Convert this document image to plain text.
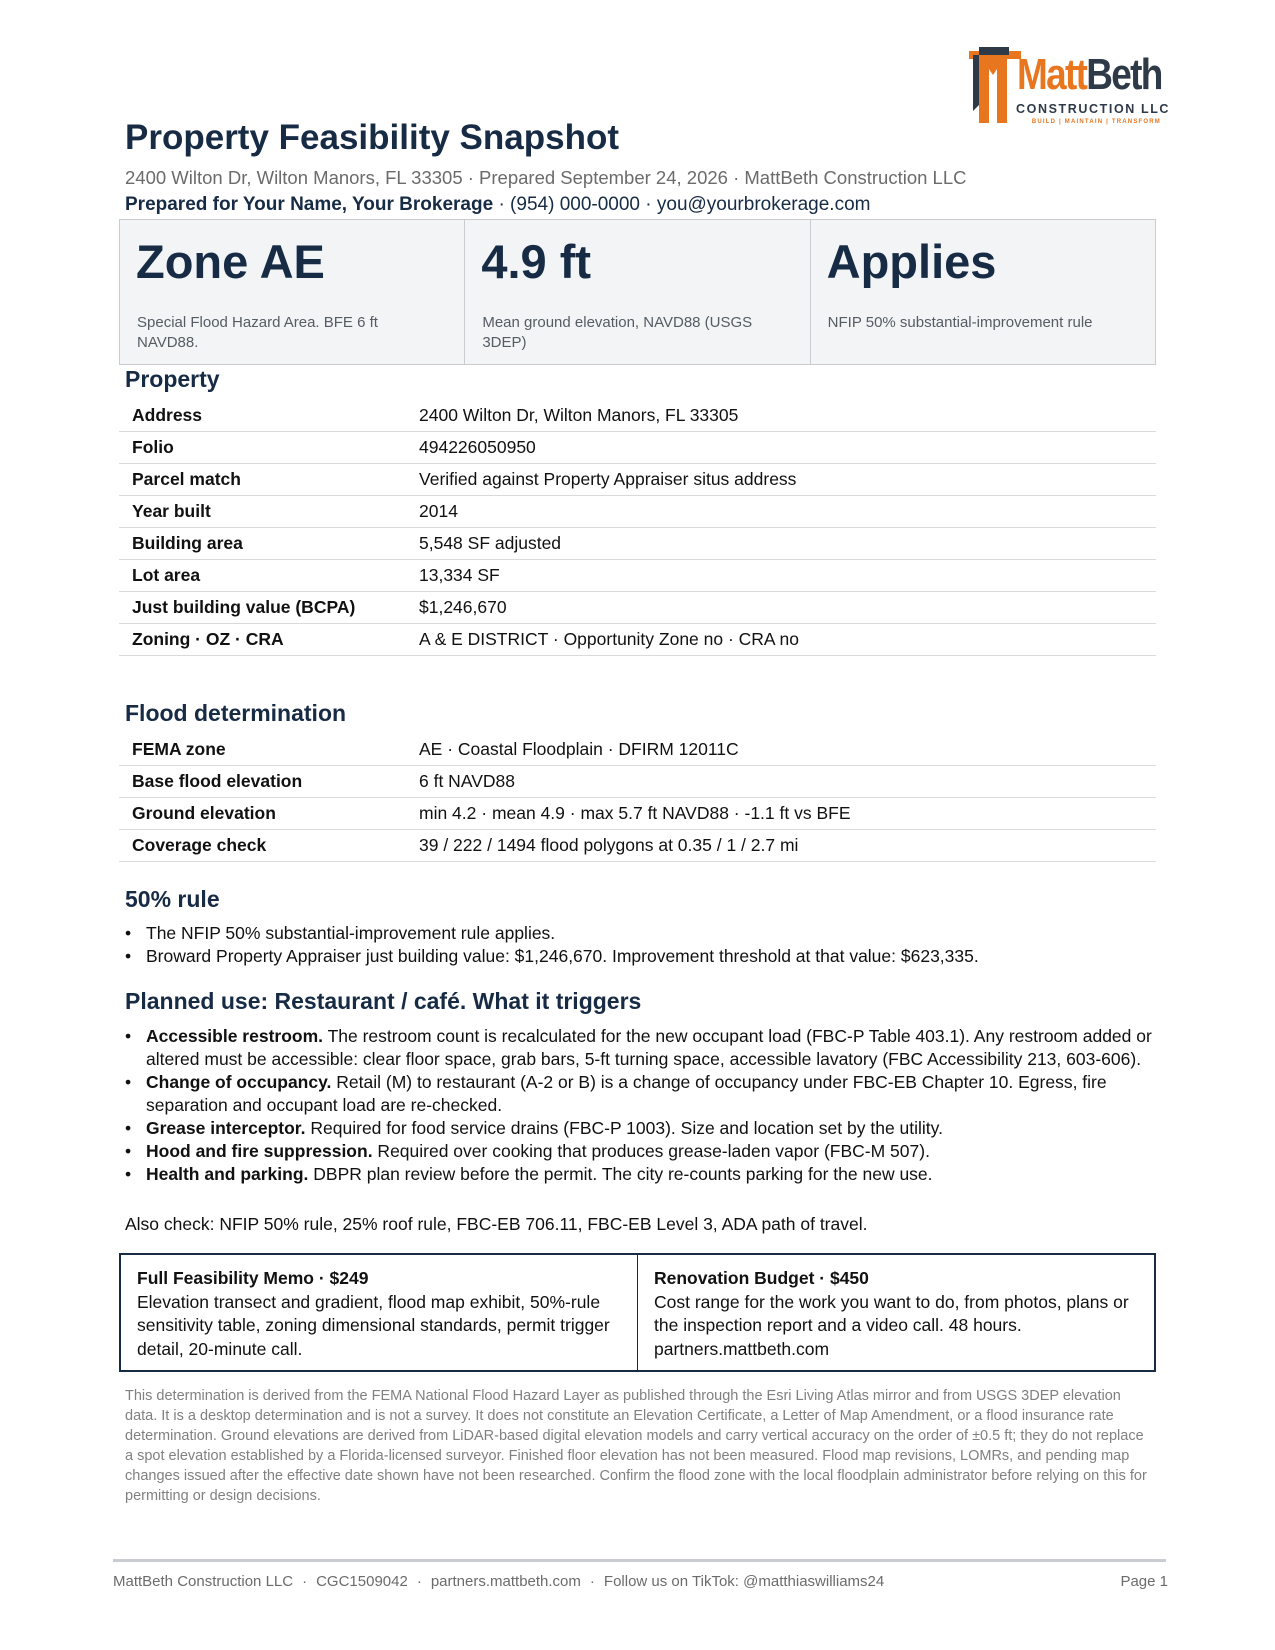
MattBeth
CONSTRUCTION LLC
BUILD | MAINTAIN | TRANSFORM
Property Feasibility Snapshot
2400 Wilton Dr, Wilton Manors, FL 33305 · Prepared September 24, 2026 · MattBeth Construction LLC
Prepared for Your Name, Your Brokerage · (954) 000-0000 · you@yourbrokerage.com
Zone AE
Special Flood Hazard Area. BFE 6 ft NAVD88.
4.9 ft
Mean ground elevation, NAVD88 (USGS 3DEP)
Applies
NFIP 50% substantial-improvement rule
Property
Address	2400 Wilton Dr, Wilton Manors, FL 33305
Folio	494226050950
Parcel match	Verified against Property Appraiser situs address
Year built	2014
Building area	5,548 SF adjusted
Lot area	13,334 SF
Just building value (BCPA)	$1,246,670
Zoning · OZ · CRA	A & E DISTRICT · Opportunity Zone no · CRA no
Flood determination
FEMA zone	AE · Coastal Floodplain · DFIRM 12011C
Base flood elevation	6 ft NAVD88
Ground elevation	min 4.2 · mean 4.9 · max 5.7 ft NAVD88 · -1.1 ft vs BFE
Coverage check	39 / 222 / 1494 flood polygons at 0.35 / 1 / 2.7 mi
50% rule
• The NFIP 50% substantial-improvement rule applies.
• Broward Property Appraiser just building value: $1,246,670. Improvement threshold at that value: $623,335.
Planned use: Restaurant / café. What it triggers
• Accessible restroom. The restroom count is recalculated for the new occupant load (FBC-P Table 403.1). Any restroom added or altered must be accessible: clear floor space, grab bars, 5-ft turning space, accessible lavatory (FBC Accessibility 213, 603-606).
• Change of occupancy. Retail (M) to restaurant (A-2 or B) is a change of occupancy under FBC-EB Chapter 10. Egress, fire separation and occupant load are re-checked.
• Grease interceptor. Required for food service drains (FBC-P 1003). Size and location set by the utility.
• Hood and fire suppression. Required over cooking that produces grease-laden vapor (FBC-M 507).
• Health and parking. DBPR plan review before the permit. The city re-counts parking for the new use.
Also check: NFIP 50% rule, 25% roof rule, FBC-EB 706.11, FBC-EB Level 3, ADA path of travel.
Full Feasibility Memo · $249
Elevation transect and gradient, flood map exhibit, 50%-rule sensitivity table, zoning dimensional standards, permit trigger detail, 20-minute call.
Renovation Budget · $450
Cost range for the work you want to do, from photos, plans or the inspection report and a video call. 48 hours. partners.mattbeth.com
This determination is derived from the FEMA National Flood Hazard Layer as published through the Esri Living Atlas mirror and from USGS 3DEP elevation data. It is a desktop determination and is not a survey. It does not constitute an Elevation Certificate, a Letter of Map Amendment, or a flood insurance rate determination. Ground elevations are derived from LiDAR-based digital elevation models and carry vertical accuracy on the order of ±0.5 ft; they do not replace a spot elevation established by a Florida-licensed surveyor. Finished floor elevation has not been measured. Flood map revisions, LOMRs, and pending map changes issued after the effective date shown have not been researched. Confirm the flood zone with the local floodplain administrator before relying on this for permitting or design decisions.
MattBeth Construction LLC · CGC1509042 · partners.mattbeth.com · Follow us on TikTok: @matthiaswilliams24	Page 1
